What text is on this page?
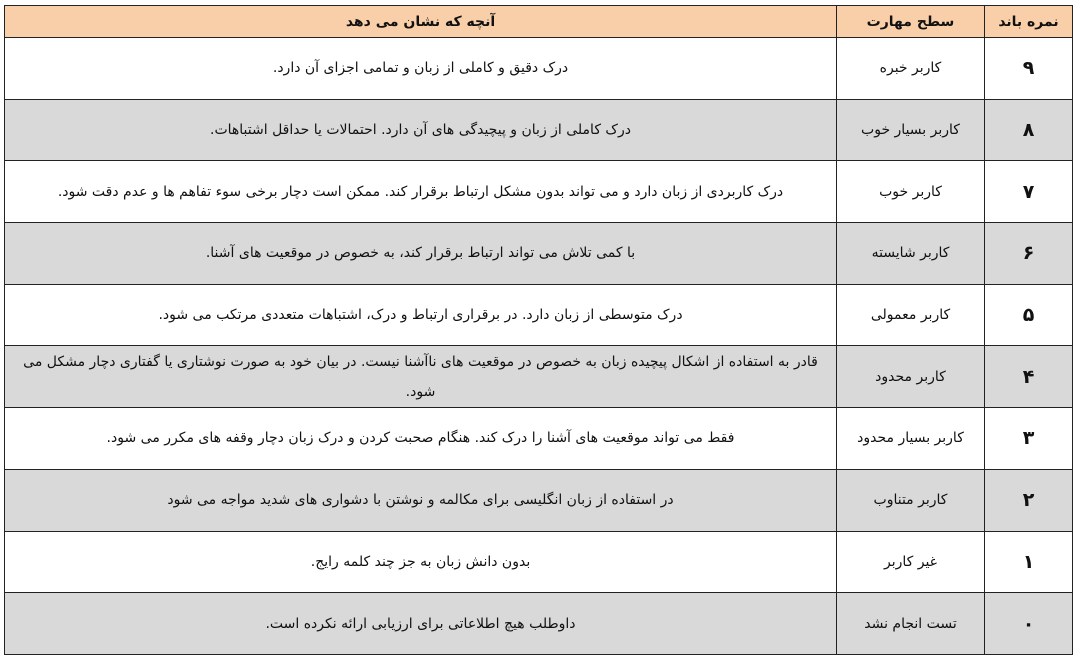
نمره باند	سطح مهارت	آنچه که نشان می دهد
۹	کاربر خبره	درک دقیق و کاملی از زبان و تمامی اجزای آن دارد.
۸	کاربر بسیار خوب	درک کاملی از زبان و پیچیدگی های آن دارد. احتمالات یا حداقل اشتباهات.
۷	کاربر خوب	درک کاربردی از زبان دارد و می تواند بدون مشکل ارتباط برقرار کند. ممکن است دچار برخی سوء تفاهم ها و عدم دقت شود.
۶	کاربر شایسته	با کمی تلاش می تواند ارتباط برقرار کند، به خصوص در موقعیت های آشنا.
۵	کاربر معمولی	درک متوسطی از زبان دارد. در برقراری ارتباط و درک، اشتباهات متعددی مرتکب می شود.
۴	کاربر محدود	قادر به استفاده از اشکال پیچیده زبان به خصوص در موقعیت های ناآشنا نیست. در بیان خود به صورت نوشتاری یا گفتاری دچار مشکل می شود.
۳	کاربر بسیار محدود	فقط می تواند موقعیت های آشنا را درک کند. هنگام صحبت کردن و درک زبان دچار وقفه های مکرر می شود.
۲	کاربر متناوب	در استفاده از زبان انگلیسی برای مکالمه و نوشتن با دشواری های شدید مواجه می شود
۱	غیر کاربر	بدون دانش زبان به جز چند کلمه رایج.
۰	تست انجام نشد	داوطلب هیچ اطلاعاتی برای ارزیابی ارائه نکرده است.
